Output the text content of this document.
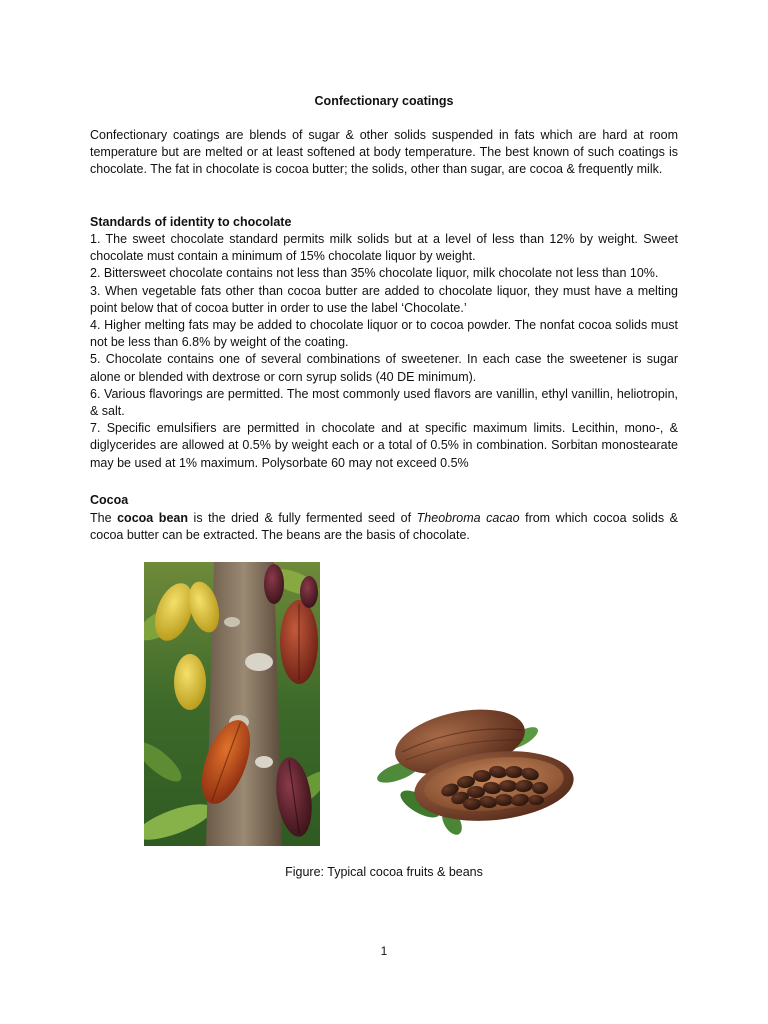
Confectionary coatings

Confectionary coatings are blends of sugar & other solids suspended in fats which are hard at room temperature but are melted or at least softened at body temperature. The best known of such coatings is chocolate. The fat in chocolate is cocoa butter; the solids, other than sugar, are cocoa & frequently milk.

Standards of identity to chocolate
1. The sweet chocolate standard permits milk solids but at a level of less than 12% by weight. Sweet chocolate must contain a minimum of 15% chocolate liquor by weight.
2. Bittersweet chocolate contains not less than 35% chocolate liquor, milk chocolate not less than 10%.
3. When vegetable fats other than cocoa butter are added to chocolate liquor, they must have a melting point below that of cocoa butter in order to use the label ‘Chocolate.’
4. Higher melting fats may be added to chocolate liquor or to cocoa powder. The nonfat cocoa solids must not be less than 6.8% by weight of the coating.
5. Chocolate contains one of several combinations of sweetener. In each case the sweetener is sugar alone or blended with dextrose or corn syrup solids (40 DE minimum).
6. Various flavorings are permitted. The most commonly used flavors are vanillin, ethyl vanillin, heliotropin, & salt.
7. Specific emulsifiers are permitted in chocolate and at specific maximum limits. Lecithin, mono-, & diglycerides are allowed at 0.5% by weight each or a total of 0.5% in combination. Sorbitan monostearate may be used at 1% maximum. Polysorbate 60 may not exceed 0.5%
Cocoa

The cocoa bean is the dried & fully fermented seed of Theobroma cacao from which cocoa solids & cocoa butter can be extracted. The beans are the basis of chocolate.

Figure: Typical cocoa fruits & beans
1
